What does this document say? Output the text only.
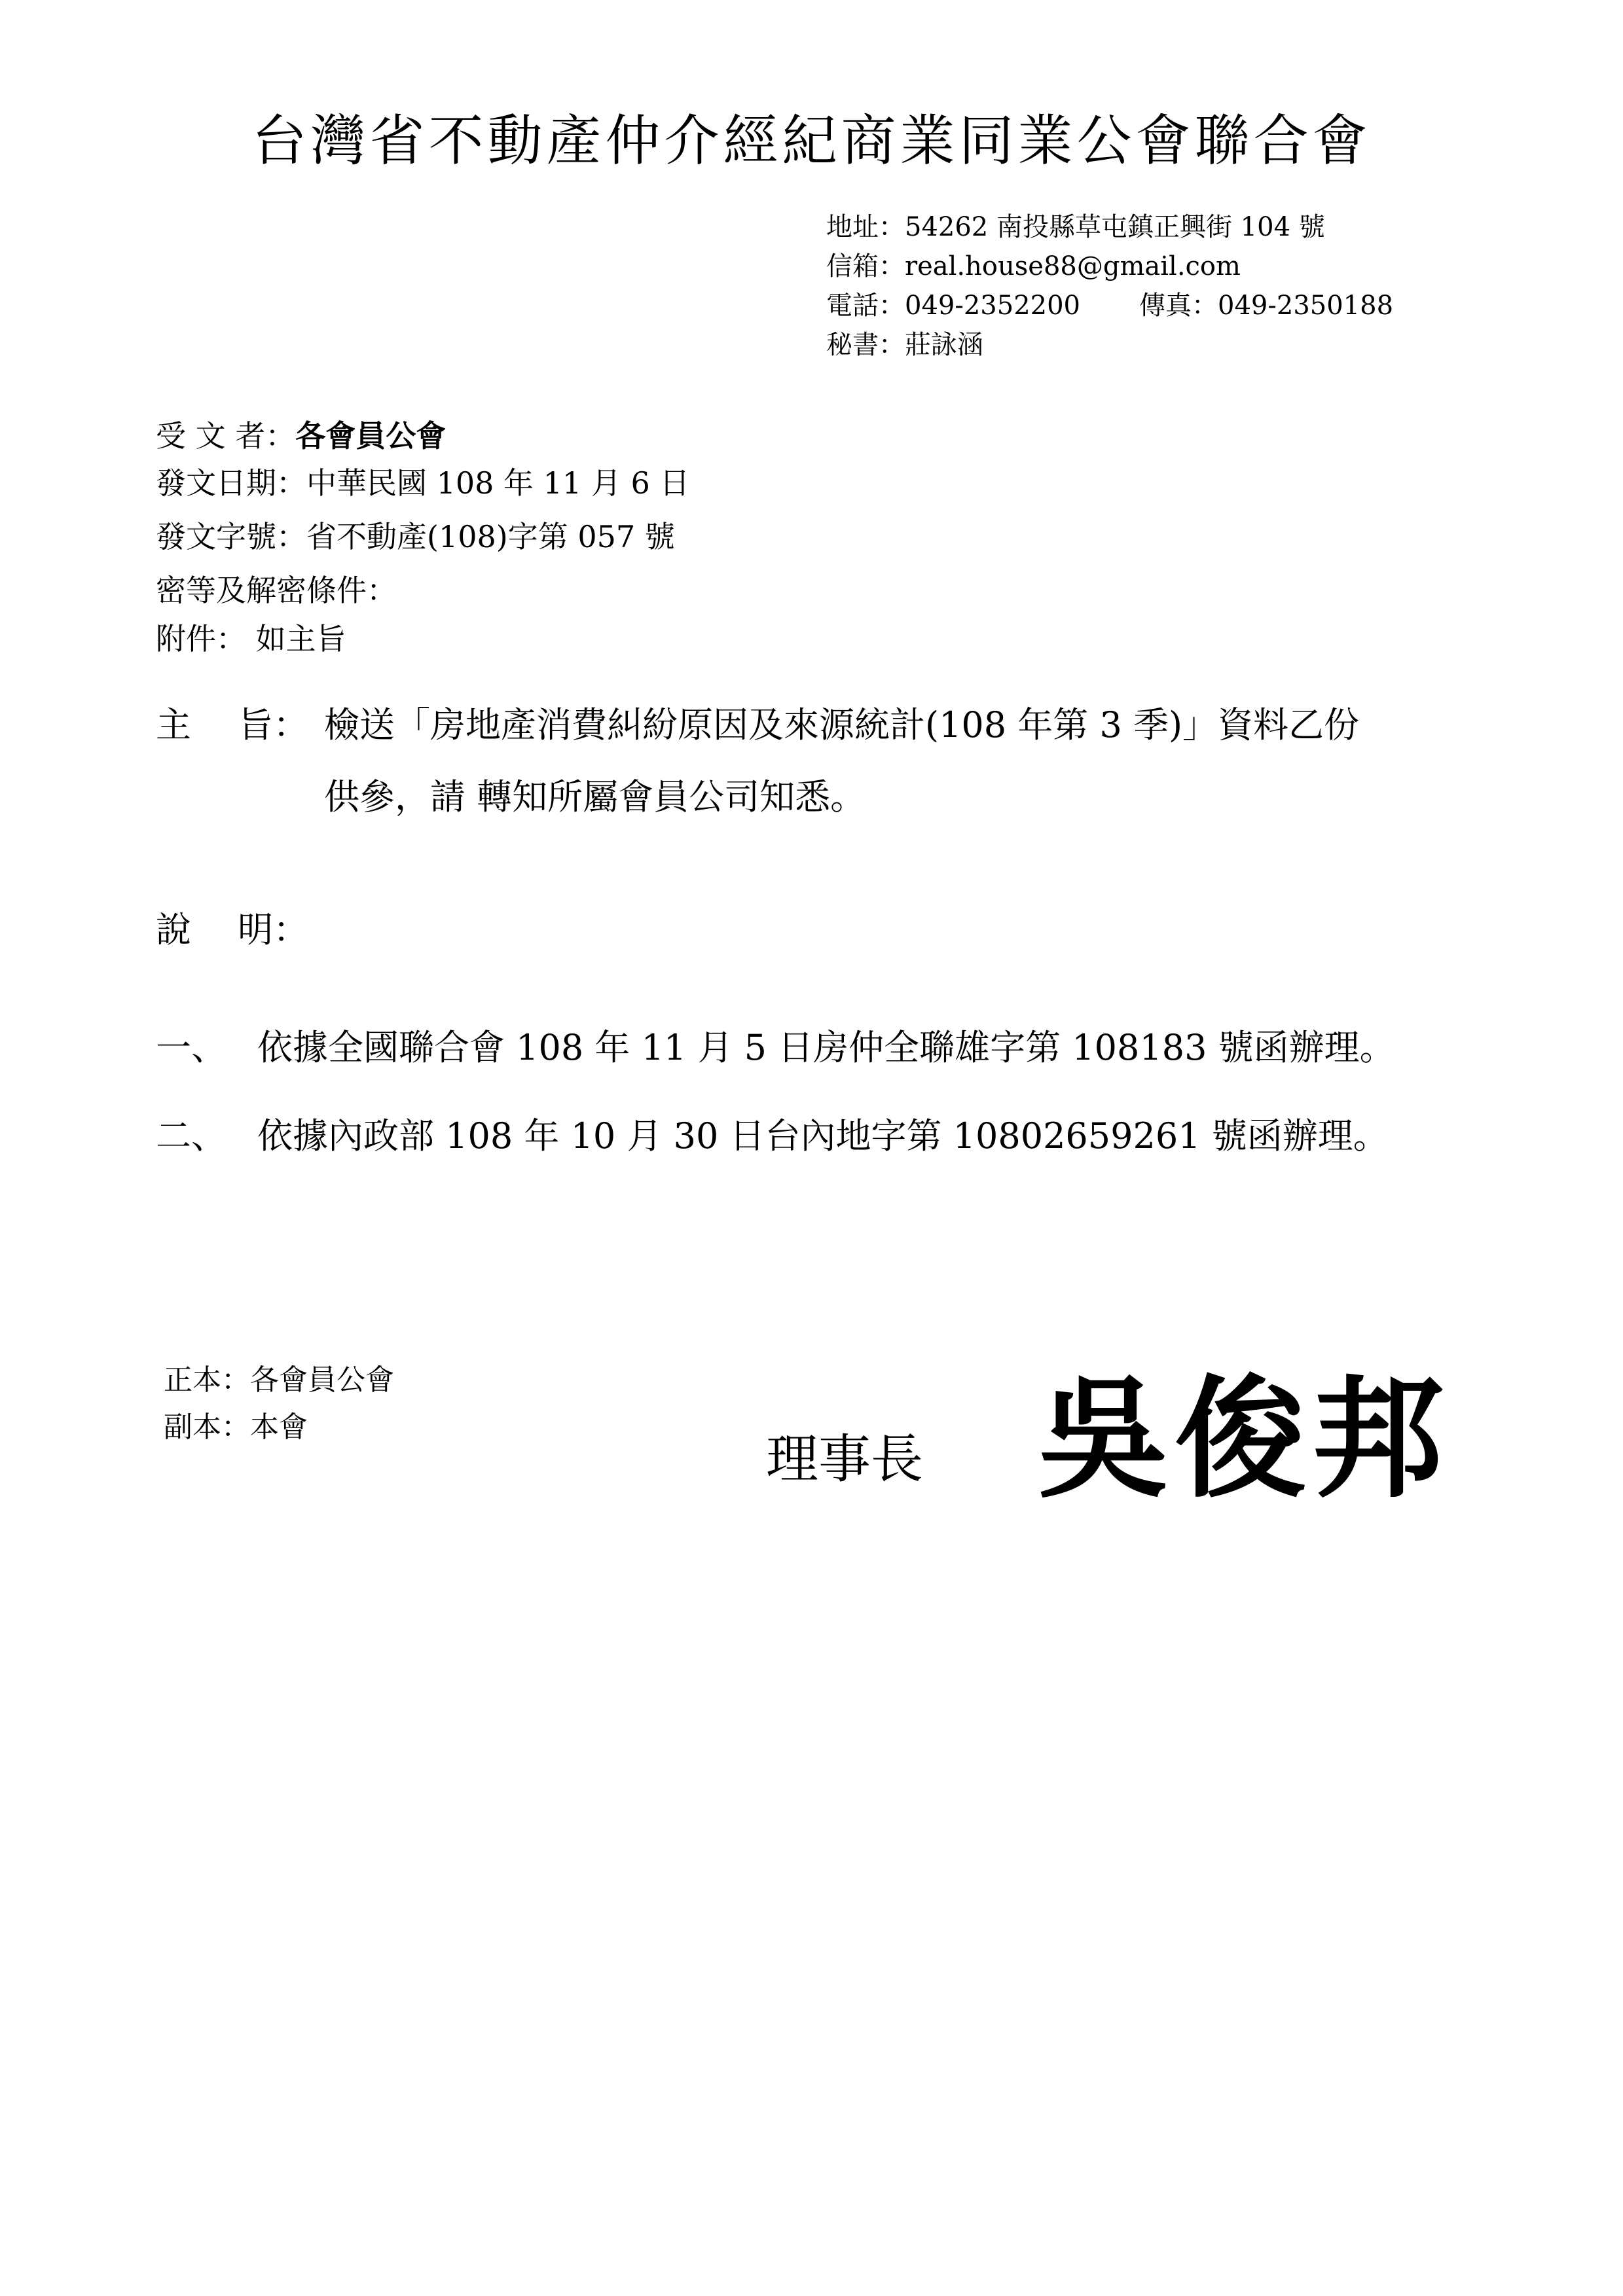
台灣省不動產仲介經紀商業同業公會聯合會
地址：54262 南投縣草屯鎮正興街 104 號
信箱：real.house88@gmail.com
電話：049-2352200 傳真：049-2350188
秘書：莊詠涵
受 文 者：各會員公會
發文日期：中華民國 108 年 11 月 6 日
發文字號：省不動產(108)字第 057 號
密等及解密條件：
附件： 如主旨
主　 旨： 檢送「房地產消費糾紛原因及來源統計(108 年第 3 季)」資料乙份
供參，請 轉知所屬會員公司知悉。
說　 明：
一、 依據全國聯合會 108 年 11 月 5 日房仲全聯雄字第 108183 號函辦理。
二、 依據內政部 108 年 10 月 30 日台內地字第 10802659261 號函辦理。
正本：各會員公會
副本：本會
理事長 吳俊邦
